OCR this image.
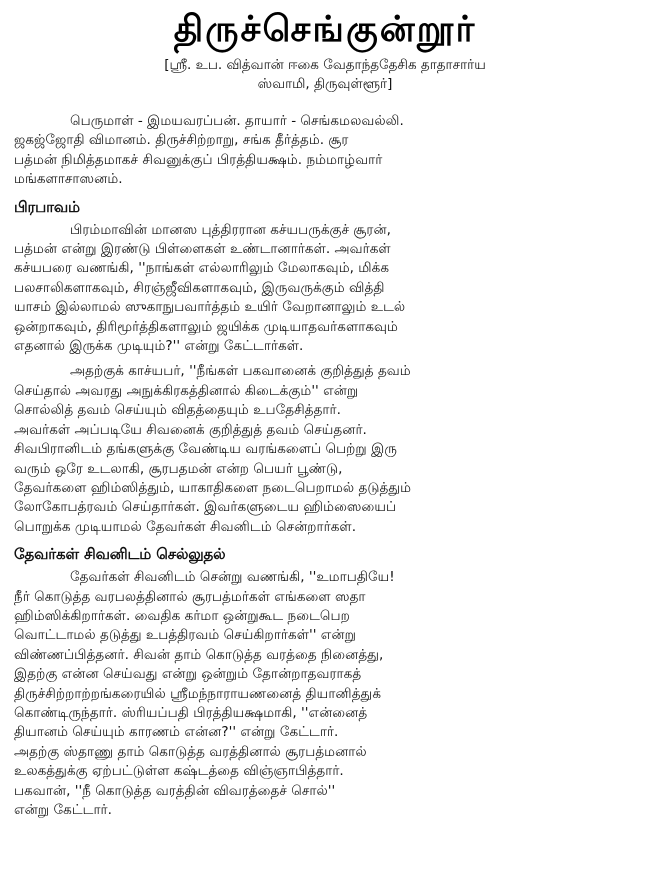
திருச்செங்குன்றூர்
[ஸ்ரீ. உப. வித்வான் ஈகை வேதாந்ததேசிக தாதாசார்ய
ஸ்வாமி, திருவுள்ளூர்]

பெருமாள் - இமயவரப்பன். தாயார் - செங்கமலவல்லி.
ஜகஜ்ஜோதி விமானம். திருச்சிற்றாறு, சங்க தீர்த்தம். சூர
பத்மன் நிமித்தமாகச் சிவனுக்குப் பிரத்தியக்ஷம். நம்மாழ்வார்
மங்களாசாஸனம்.

பிரபாவம்

பிரம்மாவின் மானஸ புத்திரரான கச்யபருக்குச் சூரன்,
பத்மன் என்று இரண்டு பிள்ளைகள் உண்டானார்கள். அவர்கள்
கச்யபரை வணங்கி, ''நாங்கள் எல்லாரிலும் மேலாகவும், மிக்க
பலசாலிகளாகவும், சிரஞ்ஜீவிகளாகவும், இருவருக்கும் வித்தி
யாசம் இல்லாமல் ஸுகாநுபவார்த்தம் உயிர் வேறானாலும் உடல்
ஒன்றாகவும், திரிமூர்த்திகளாலும் ஜயிக்க முடியாதவர்களாகவும்
எதனால் இருக்க முடியும்?'' என்று கேட்டார்கள்.

அதற்குக் காச்யபர், ''நீங்கள் பகவானைக் குறித்துத் தவம்
செய்தால் அவரது அநுக்கிரகத்தினால் கிடைக்கும்'' என்று
சொல்லித் தவம் செய்யும் விதத்தையும் உபதேசித்தார்.
அவர்கள் அப்படியே சிவனைக் குறித்துத் தவம் செய்தனர்.
சிவபிரானிடம் தங்களுக்கு வேண்டிய வரங்களைப் பெற்று இரு
வரும் ஒரே உடலாகி, சூரபதமன் என்ற பெயர் பூண்டு,
தேவர்களை ஹிம்ஸித்தும், யாகாதிகளை நடைபெறாமல் தடுத்தும்
லோகோபத்ரவம் செய்தார்கள். இவர்களுடைய ஹிம்ஸையைப்
பொறுக்க முடியாமல் தேவர்கள் சிவனிடம் சென்றார்கள்.

தேவர்கள் சிவனிடம் செல்லுதல்

தேவர்கள் சிவனிடம் சென்று வணங்கி, ''உமாபதியே!
நீர் கொடுத்த வரபலத்தினால் சூரபத்மர்கள் எங்களை ஸதா
ஹிம்ஸிக்கிறார்கள். வைதிக கர்மா ஒன்றுகூட நடைபெற
வொட்டாமல் தடுத்து உபத்திரவம் செய்கிறார்கள்'' என்று
விண்ணப்பித்தனர். சிவன் தாம் கொடுத்த வரத்தை நினைத்து,
இதற்கு என்ன செய்வது என்று ஒன்றும் தோன்றாதவராகத்
திருச்சிற்றாற்றங்கரையில் ஸ்ரீமந்நாராயணனைத் தியானித்துக்
கொண்டிருந்தார். ஸ்ரியப்பதி பிரத்தியக்ஷமாகி, ''என்னைத்
தியானம் செய்யும் காரணம் என்ன?'' என்று கேட்டார்.
அதற்கு ஸ்தாணு தாம் கொடுத்த வரத்தினால் சூரபத்மனால்
உலகத்துக்கு ஏற்பட்டுள்ள கஷ்டத்தை விஞ்ஞாபித்தார்.
பகவான், ''நீ கொடுத்த வரத்தின் விவரத்தைச் சொல்''
என்று கேட்டார்.
